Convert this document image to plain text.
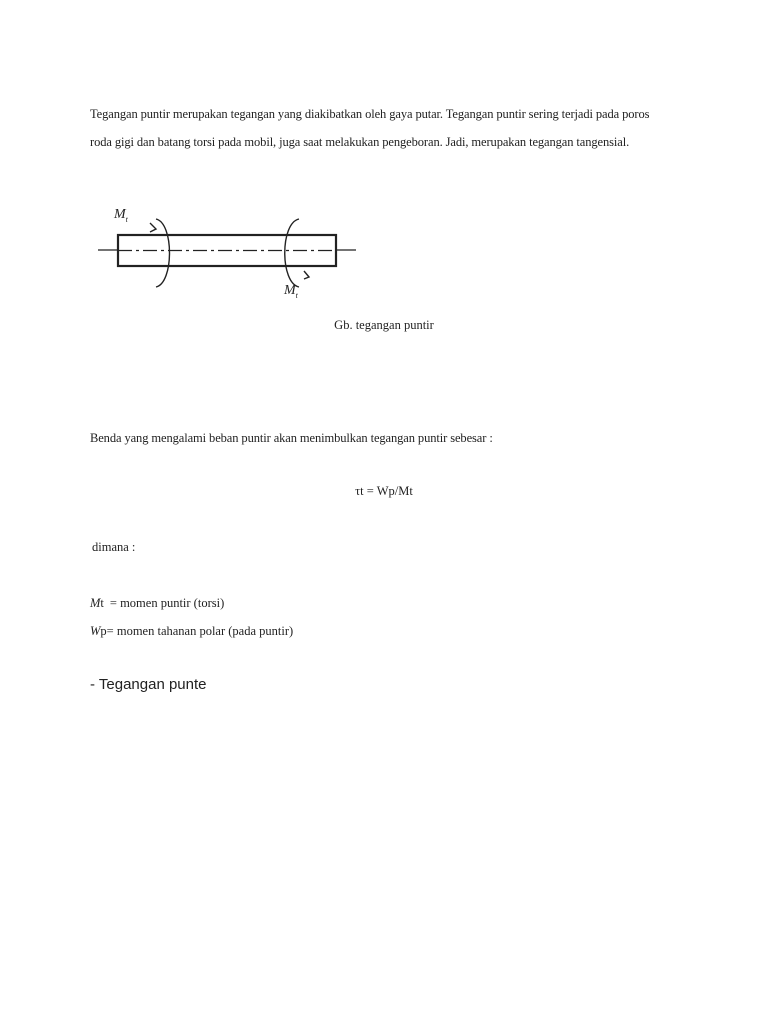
Tegangan puntir merupakan tegangan yang diakibatkan oleh gaya putar. Tegangan puntir sering terjadi pada poros roda gigi dan batang torsi pada mobil, juga saat melakukan pengeboran. Jadi, merupakan tegangan tangensial.
$M_t$
$M_t$
Gb. tegangan puntir
Benda yang mengalami beban puntir akan menimbulkan tegangan puntir sebesar :
τt = Wp/Mt
dimana :
Mt = momen puntir (torsi)
Wp= momen tahanan polar (pada puntir)
- Tegangan punte
